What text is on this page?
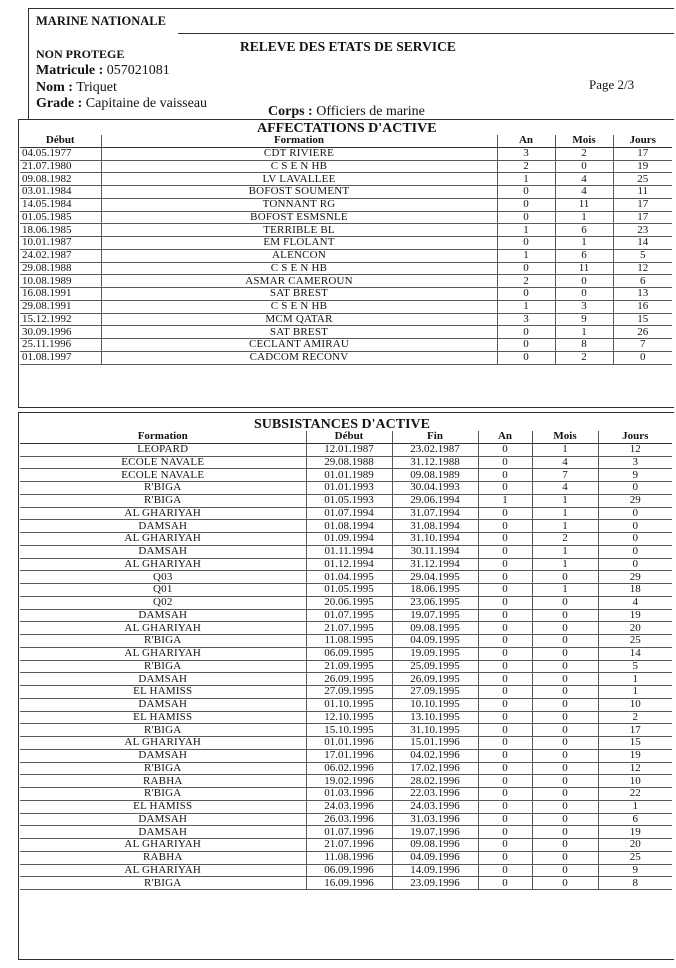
MARINE NATIONALE
RELEVE DES ETATS DE SERVICE
NON PROTEGE
Matricule : 057021081
Nom : Triquet	Page 2/3
Grade : Capitaine de vaisseau
Corps : Officiers de marine
AFFECTATIONS D'ACTIVE
Début	Formation	An	Mois	Jours
04.05.1977	CDT RIVIERE	3	2	17
21.07.1980	C S E N HB	2	0	19
09.08.1982	LV LAVALLEE	1	4	25
03.01.1984	BOFOST SOUMENT	0	4	11
14.05.1984	TONNANT RG	0	11	17
01.05.1985	BOFOST ESMSNLE	0	1	17
18.06.1985	TERRIBLE BL	1	6	23
10.01.1987	EM FLOLANT	0	1	14
24.02.1987	ALENCON	1	6	5
29.08.1988	C S E N HB	0	11	12
10.08.1989	ASMAR CAMEROUN	2	0	6
16.08.1991	SAT BREST	0	0	13
29.08.1991	C S E N HB	1	3	16
15.12.1992	MCM QATAR	3	9	15
30.09.1996	SAT BREST	0	1	26
25.11.1996	CECLANT AMIRAU	0	8	7
01.08.1997	CADCOM RECONV	0	2	0
SUBSISTANCES D'ACTIVE
Formation	Début	Fin	An	Mois	Jours
LEOPARD	12.01.1987	23.02.1987	0	1	12
ECOLE NAVALE	29.08.1988	31.12.1988	0	4	3
ECOLE NAVALE	01.01.1989	09.08.1989	0	7	9
R'BIGA	01.01.1993	30.04.1993	0	4	0
R'BIGA	01.05.1993	29.06.1994	1	1	29
AL GHARIYAH	01.07.1994	31.07.1994	0	1	0
DAMSAH	01.08.1994	31.08.1994	0	1	0
AL GHARIYAH	01.09.1994	31.10.1994	0	2	0
DAMSAH	01.11.1994	30.11.1994	0	1	0
AL GHARIYAH	01.12.1994	31.12.1994	0	1	0
Q03	01.04.1995	29.04.1995	0	0	29
Q01	01.05.1995	18.06.1995	0	1	18
Q02	20.06.1995	23.06.1995	0	0	4
DAMSAH	01.07.1995	19.07.1995	0	0	19
AL GHARIYAH	21.07.1995	09.08.1995	0	0	20
R'BIGA	11.08.1995	04.09.1995	0	0	25
AL GHARIYAH	06.09.1995	19.09.1995	0	0	14
R'BIGA	21.09.1995	25.09.1995	0	0	5
DAMSAH	26.09.1995	26.09.1995	0	0	1
EL HAMISS	27.09.1995	27.09.1995	0	0	1
DAMSAH	01.10.1995	10.10.1995	0	0	10
EL HAMISS	12.10.1995	13.10.1995	0	0	2
R'BIGA	15.10.1995	31.10.1995	0	0	17
AL GHARIYAH	01.01.1996	15.01.1996	0	0	15
DAMSAH	17.01.1996	04.02.1996	0	0	19
R'BIGA	06.02.1996	17.02.1996	0	0	12
RABHA	19.02.1996	28.02.1996	0	0	10
R'BIGA	01.03.1996	22.03.1996	0	0	22
EL HAMISS	24.03.1996	24.03.1996	0	0	1
DAMSAH	26.03.1996	31.03.1996	0	0	6
DAMSAH	01.07.1996	19.07.1996	0	0	19
AL GHARIYAH	21.07.1996	09.08.1996	0	0	20
RABHA	11.08.1996	04.09.1996	0	0	25
AL GHARIYAH	06.09.1996	14.09.1996	0	0	9
R'BIGA	16.09.1996	23.09.1996	0	0	8
